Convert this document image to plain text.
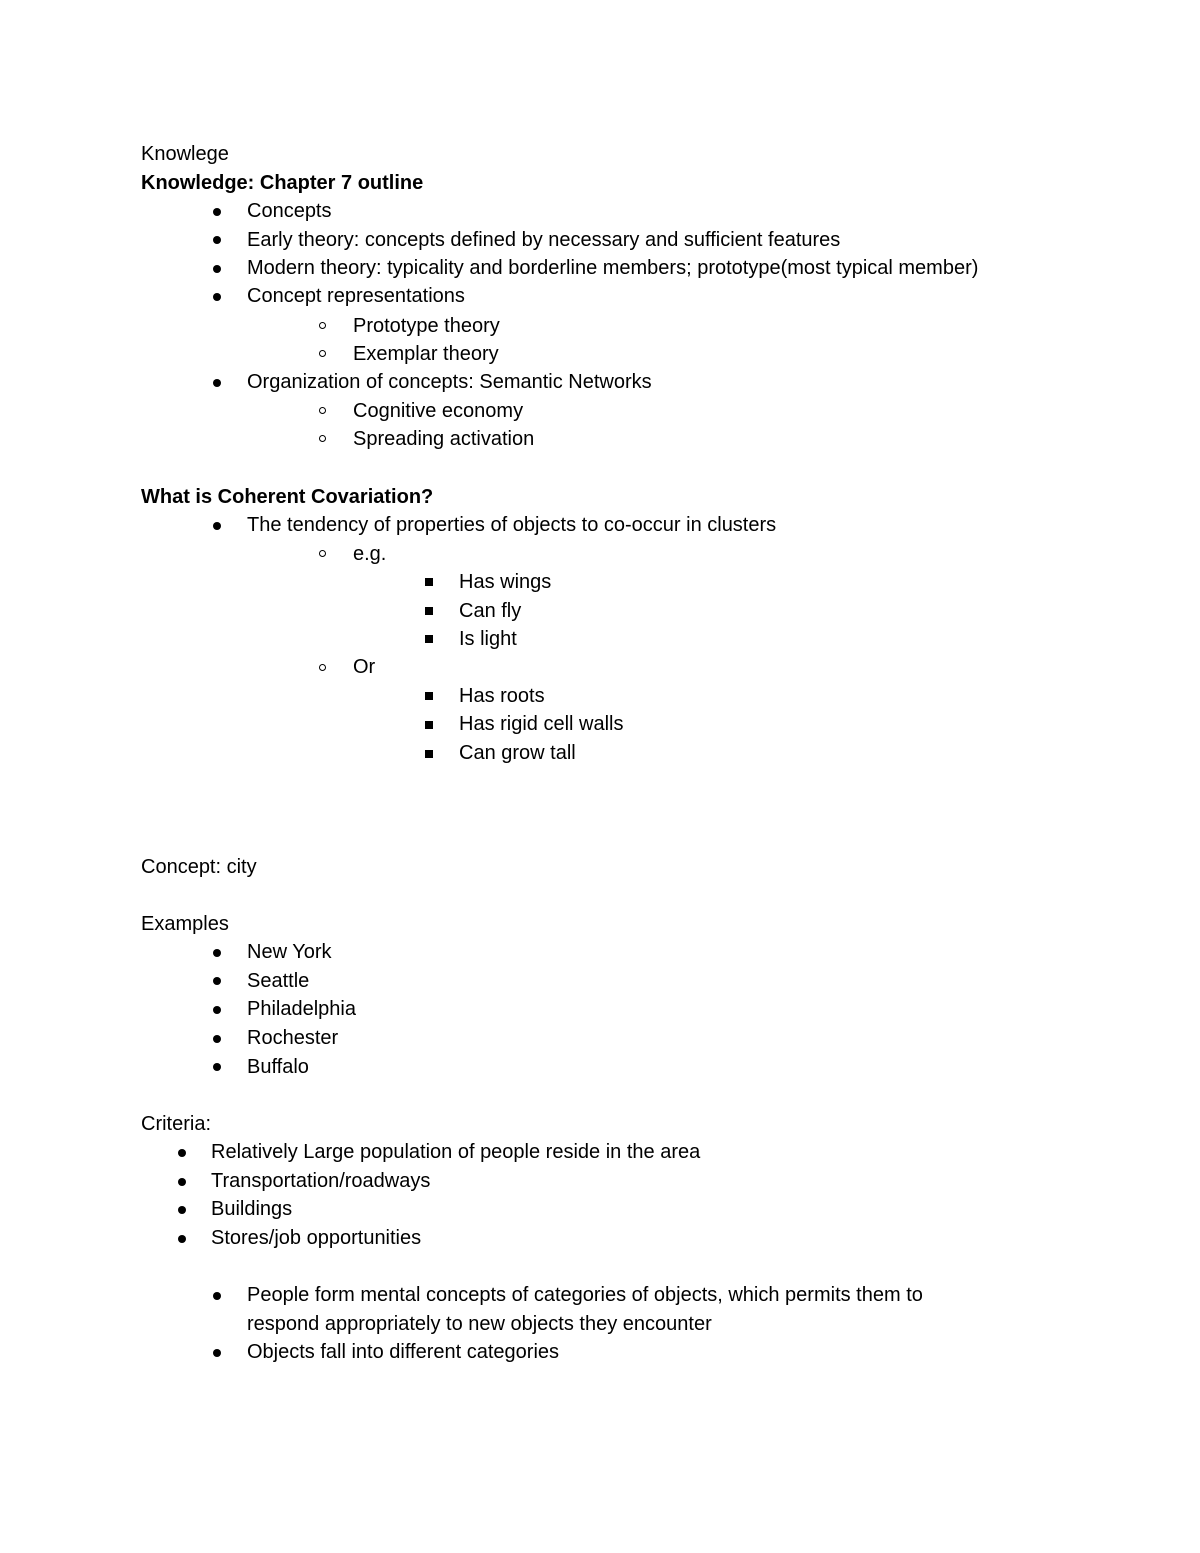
Knowlege
Knowledge: Chapter 7 outline
Concepts
Early theory: concepts defined by necessary and sufficient features
Modern theory: typicality and borderline members; prototype(most typical member)
Concept representations
Prototype theory
Exemplar theory
Organization of concepts: Semantic Networks
Cognitive economy
Spreading activation
What is Coherent Covariation?
The tendency of properties of objects to co-occur in clusters
e.g.
Has wings
Can fly
Is light
Or
Has roots
Has rigid cell walls
Can grow tall
Concept: city
Examples
New York
Seattle
Philadelphia
Rochester
Buffalo
Criteria:
Relatively Large population of people reside in the area
Transportation/roadways
Buildings
Stores/job opportunities
People form mental concepts of categories of objects, which permits them to
respond appropriately to new objects they encounter
Objects fall into different categories
